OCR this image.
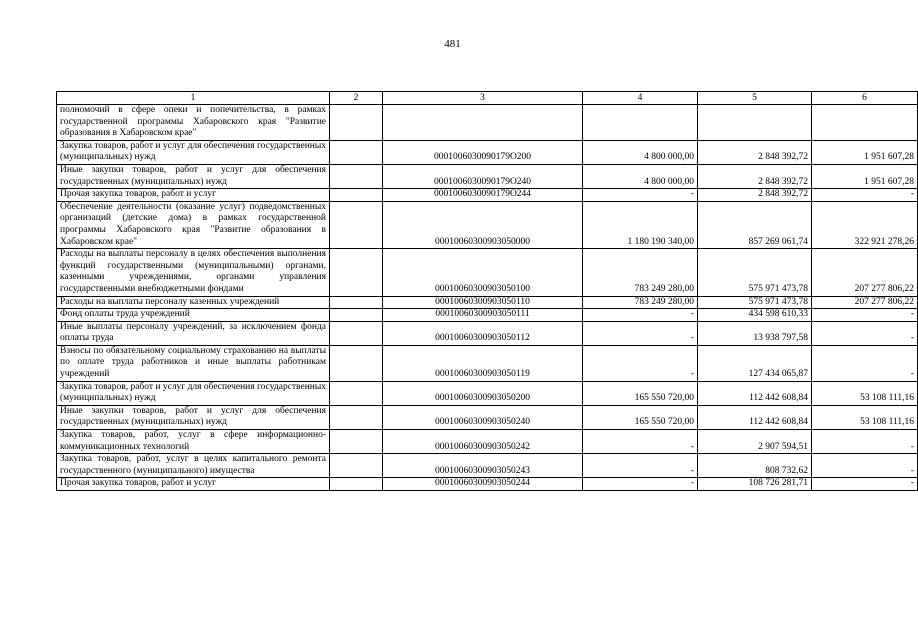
481
1	2	3	4	5	6
полномочий в сфере опеки и попечительства, в рамках государственной программы Хабаровского края "Развитие образования в Хабаровском крае"					
Закупка товаров, работ и услуг для обеспечения государственных (муниципальных) нужд		0001006030090179O200	4 800 000,00	2 848 392,72	1 951 607,28
Иные закупки товаров, работ и услуг для обеспечения государственных (муниципальных) нужд		0001006030090179O240	4 800 000,00	2 848 392,72	1 951 607,28
Прочая закупка товаров, работ и услуг		0001006030090179O244	-	2 848 392,72	-
Обеспечение деятельности (оказание услуг) подведомственных организаций (детские дома) в рамках государственной программы Хабаровского края "Развитие образования в Хабаровском крае"		00010060300903050000	1 180 190 340,00	857 269 061,74	322 921 278,26
Расходы на выплаты персоналу в целях обеспечения выполнения функций государственными (муниципальными) органами, казенными учреждениями, органами управления государственными внебюджетными фондами		00010060300903050100	783 249 280,00	575 971 473,78	207 277 806,22
Расходы на выплаты персоналу казенных учреждений		00010060300903050110	783 249 280,00	575 971 473,78	207 277 806,22
Фонд оплаты труда учреждений		00010060300903050111	-	434 598 610,33	-
Иные выплаты персоналу учреждений, за исключением фонда оплаты труда		00010060300903050112	-	13 938 797,58	-
Взносы по обязательному социальному страхованию на выплаты по оплате труда работников и иные выплаты работникам учреждений		00010060300903050119	-	127 434 065,87	-
Закупка товаров, работ и услуг для обеспечения государственных (муниципальных) нужд		00010060300903050200	165 550 720,00	112 442 608,84	53 108 111,16
Иные закупки товаров, работ и услуг для обеспечения государственных (муниципальных) нужд		00010060300903050240	165 550 720,00	112 442 608,84	53 108 111,16
Закупка товаров, работ, услуг в сфере информационно-коммуникационных технологий		00010060300903050242	-	2 907 594,51	-
Закупка товаров, работ, услуг в целях капитального ремонта государственного (муниципального) имущества		00010060300903050243	-	808 732,62	-
Прочая закупка товаров, работ и услуг		00010060300903050244	-	108 726 281,71	-
